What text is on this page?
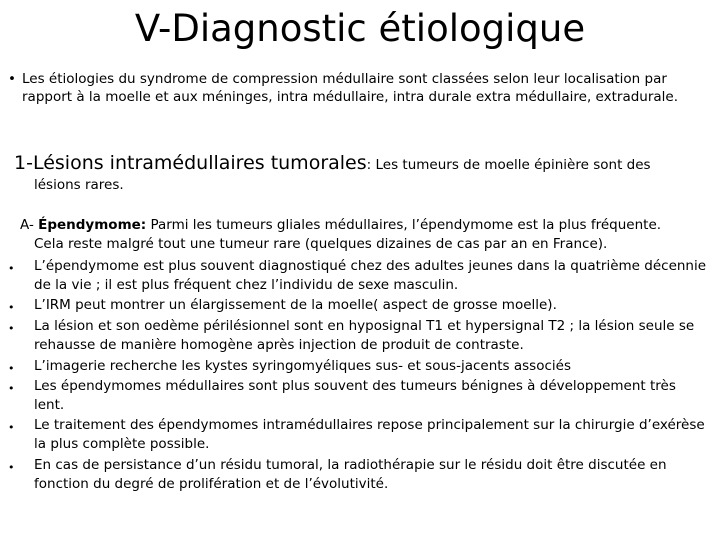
V-Diagnostic étiologique
• Les étiologies du syndrome de compression médullaire sont classées selon leur localisation par rapport à la moelle et aux méninges, intra médullaire, intra durale extra médullaire, extradurale.
1-Lésions intramédullaires tumorales: Les tumeurs de moelle épinière sont des
lésions rares.
A- Épendymome: Parmi les tumeurs gliales médullaires, l’épendymome est la plus fréquente.
Cela reste malgré tout une tumeur rare (quelques dizaines de cas par an en France).
• L’épendymome est plus souvent diagnostiqué chez des adultes jeunes dans la quatrième décennie de la vie ; il est plus fréquent chez l’individu de sexe masculin.
• L’IRM peut montrer un élargissement de la moelle( aspect de grosse moelle).
• La lésion et son oedème périlésionnel sont en hyposignal T1 et hypersignal T2 ; la lésion seule se rehausse de manière homogène après injection de produit de contraste.
• L’imagerie recherche les kystes syringomyéliques sus- et sous-jacents associés
• Les épendymomes médullaires sont plus souvent des tumeurs bénignes à développement très lent.
• Le traitement des épendymomes intramédullaires repose principalement sur la chirurgie d’exérèse la plus complète possible.
• En cas de persistance d’un résidu tumoral, la radiothérapie sur le résidu doit être discutée en fonction du degré de prolifération et de l’évolutivité.
